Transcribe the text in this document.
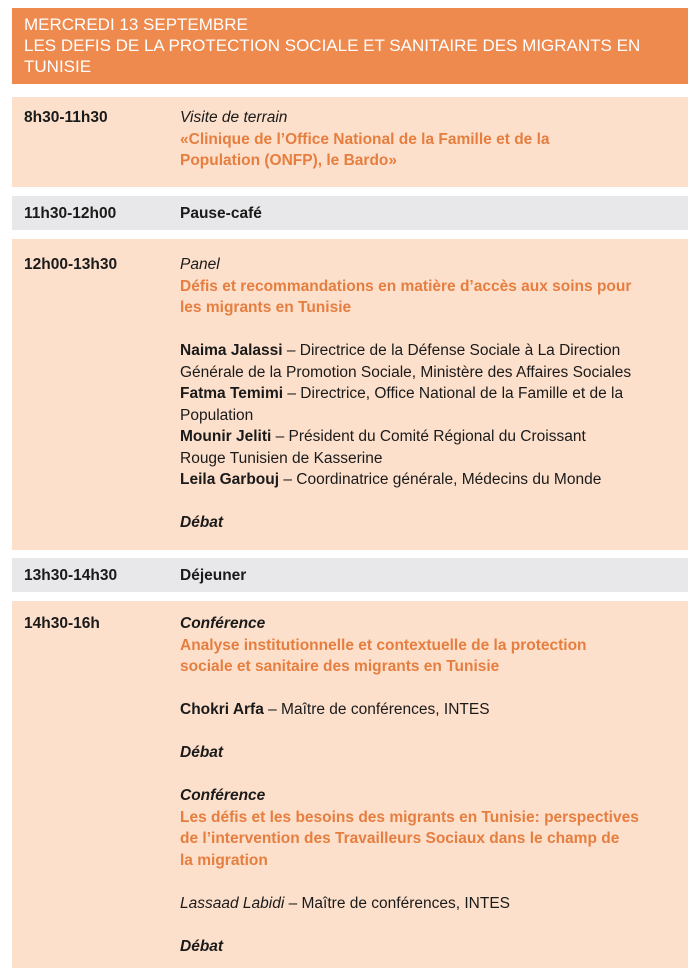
MERCREDI 13 SEPTEMBRE
LES DEFIS DE LA PROTECTION SOCIALE ET SANITAIRE DES MIGRANTS EN
TUNISIE
8h30-11h30	Visite de terrain
«Clinique de l’Office National de la Famille et de la
Population (ONFP), le Bardo»
11h30-12h00	Pause-café
12h00-13h30	Panel
Défis et recommandations en matière d’accès aux soins pour
les migrants en Tunisie
Naima Jalassi – Directrice de la Défense Sociale à La Direction
Générale de la Promotion Sociale, Ministère des Affaires Sociales
Fatma Temimi – Directrice, Office National de la Famille et de la
Population
Mounir Jeliti – Président du Comité Régional du Croissant
Rouge Tunisien de Kasserine
Leila Garbouj – Coordinatrice générale, Médecins du Monde
Débat
13h30-14h30	Déjeuner
14h30-16h	Conférence
Analyse institutionnelle et contextuelle de la protection
sociale et sanitaire des migrants en Tunisie
Chokri Arfa – Maître de conférences, INTES
Débat
Conférence
Les défis et les besoins des migrants en Tunisie: perspectives
de l’intervention des Travailleurs Sociaux dans le champ de
la migration
Lassaad Labidi – Maître de conférences, INTES
Débat
